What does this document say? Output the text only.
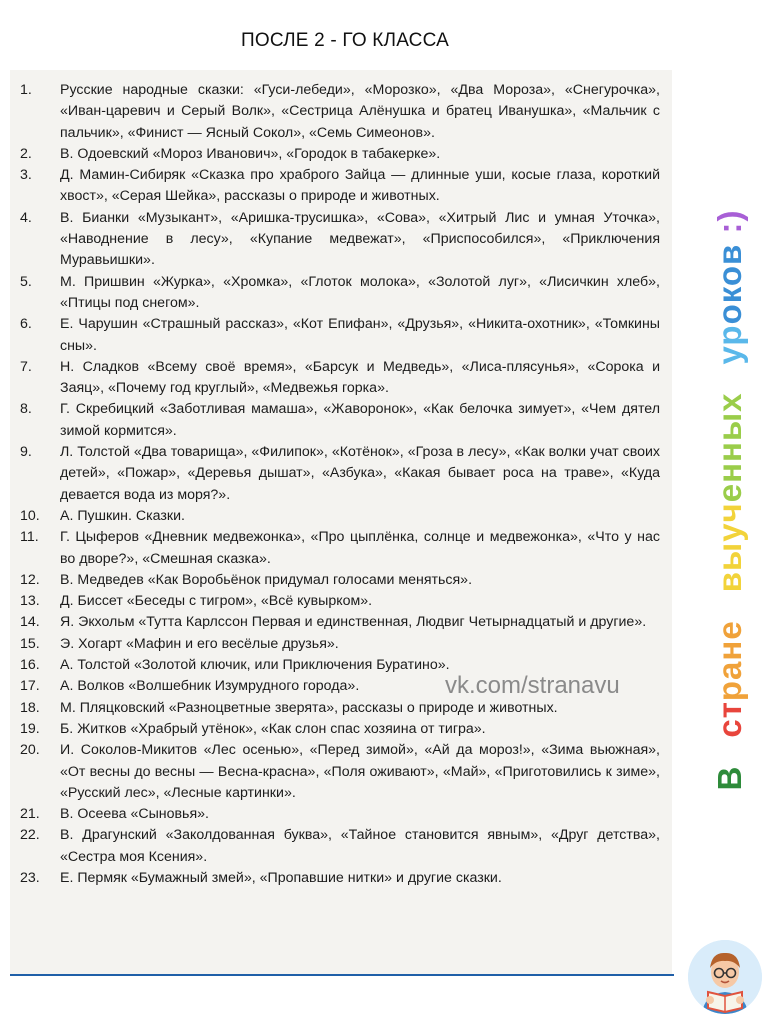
ПОСЛЕ 2 - ГО КЛАССА
1.	Русские народные сказки: «Гуси-лебеди», «Морозко», «Два Мороза», «Снегурочка», «Иван-царевич и Серый Волк», «Сестрица Алёнушка и братец Иванушка», «Мальчик с пальчик», «Финист — Ясный Сокол», «Семь Симеонов».
2.	В. Одоевский «Мороз Иванович», «Городок в табакерке».
3.	Д. Мамин-Сибиряк «Сказка про храброго Зайца — длинные уши, косые глаза, короткий хвост», «Серая Шейка», рассказы о природе и животных.
4.	В. Бианки «Музыкант», «Аришка-трусишка», «Сова», «Хитрый Лис и умная Уточка», «Наводнение в лесу», «Купание медвежат», «Приспособился», «Приключения Муравьишки».
5.	М. Пришвин «Журка», «Хромка», «Глоток молока», «Золотой луг», «Лисичкин хлеб», «Птицы под снегом».
6.	Е. Чарушин «Страшный рассказ», «Кот Епифан», «Друзья», «Никита-охотник», «Томкины сны».
7.	Н. Сладков «Всему своё время», «Барсук и Медведь», «Лиса-плясунья», «Сорока и Заяц», «Почему год круглый», «Медвежья горка».
8.	Г. Скребицкий «Заботливая мамаша», «Жаворонок», «Как белочка зимует», «Чем дятел зимой кормится».
9.	Л. Толстой «Два товарища», «Филипок», «Котёнок», «Гроза в лесу», «Как волки учат своих детей», «Пожар», «Деревья дышат», «Азбука», «Какая бывает роса на траве», «Куда девается вода из моря?».
10.	А. Пушкин. Сказки.
11.	Г. Цыферов «Дневник медвежонка», «Про цыплёнка, солнце и медвежонка», «Что у нас во дворе?», «Смешная сказка».
12.	В. Медведев «Как Воробьёнок придумал голосами меняться».
13.	Д. Биссет «Беседы с тигром», «Всё кувырком».
14.	Я. Экхольм «Тутта Карлссон Первая и единственная, Людвиг Четырнадцатый и другие».
15.	Э. Хогарт «Мафин и его весёлые друзья».
16.	А. Толстой «Золотой ключик, или Приключения Буратино».
17.	А. Волков «Волшебник Изумрудного города».
18.	М. Пляцковский «Разноцветные зверята», рассказы о природе и животных.
19.	Б. Житков «Храбрый утёнок», «Как слон спас хозяина от тигра».
20.	И. Соколов-Микитов «Лес осенью», «Перед зимой», «Ай да мороз!», «Зима вьюжная», «От весны до весны — Весна-красна», «Поля оживают», «Май», «Приготовились к зиме», «Русский лес», «Лесные картинки».
21.	В. Осеева «Сыновья».
22.	В. Драгунский «Заколдованная буква», «Тайное становится явным», «Друг детства», «Сестра моя Ксения».
23.	Е. Пермяк «Бумажный змей», «Пропавшие нитки» и другие сказки.
vk.com/stranavu
Встраневыученныхуроков :)
